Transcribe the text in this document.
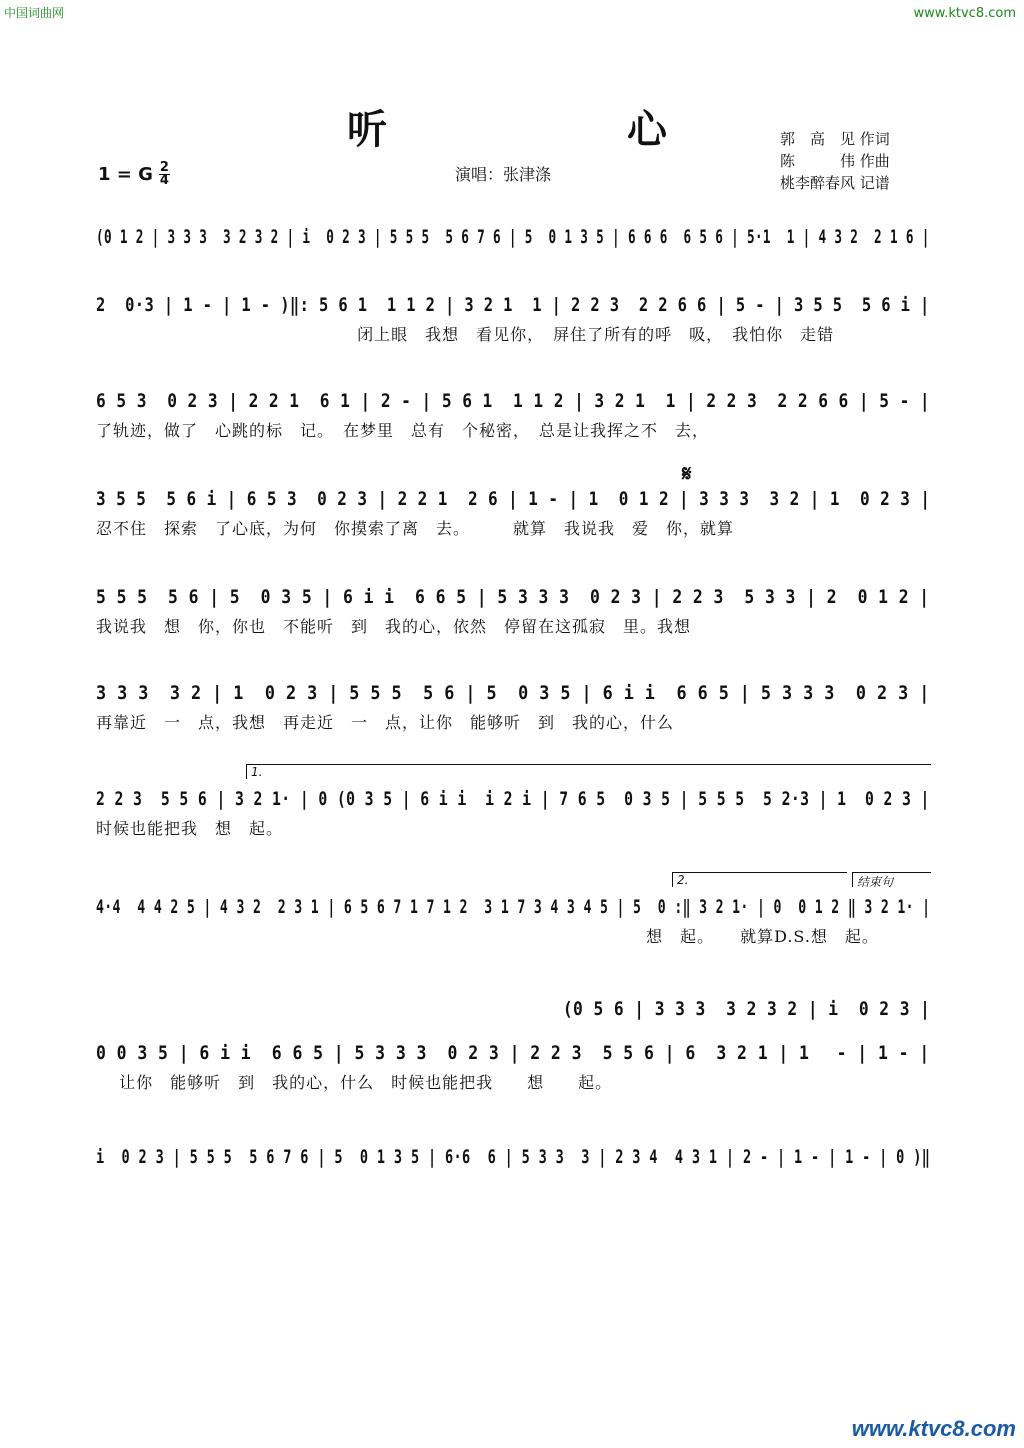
中国词曲网	www.ktvc8.com
听　心 郭　高　见 作词
陈　　　伟 作曲
桃李醉春风 记谱
演唱：张津涤
1 = G $\frac{2}{4}$
(0 1 2 | 3 3 3  3 2 3 2 | i  0 2 3 | 5 5 5  5 6 7 6 | 5  0 1 3 5 | 6 6 6  6 5 6 | 5·1  1 | 4 3 2  2 1 6 |
2  0·3 | 1 - | 1 - )‖: 5 6 1  1 1 2 | 3 2 1  1 | 2 2 3  2 2 6 6 | 5 - | 3 5 5  5 6 i |
　　　　　　　　　　　　　　　 闭上眼　我想　看见你，　屏住了所有的呼　吸，　我怕你　走错
6 5 3  0 2 3 | 2 2 1  6 1 | 2 - | 5 6 1  1 1 2 | 3 2 1  1 | 2 2 3  2 2 6 6 | 5 - |
了轨迹，做了　心跳的标　记。　在梦里　总有　个秘密，　总是让我挥之不　去，
𝄋
3 5 5  5 6 i | 6 5 3  0 2 3 | 2 2 1  2 6 | 1 - | 1  0 1 2 | 3 3 3  3 2 | 1  0 2 3 |
忍不住　探索　了心底，为何　你摸索了离　去。　　　就算　我说我　爱　你，就算
5 5 5  5 6 | 5  0 3 5 | 6 i i  6 6 5 | 5 3 3 3  0 2 3 | 2 2 3  5 3 3 | 2  0 1 2 |
我说我　想　你，你也　不能听　到　我的心，依然　停留在这孤寂　里。我想
3 3 3  3 2 | 1  0 2 3 | 5 5 5  5 6 | 5  0 3 5 | 6 i i  6 6 5 | 5 3 3 3  0 2 3 |
再靠近　一　点，我想　再走近　一　点，让你　能够听　到　我的心，什么
1.
2 2 3  5 5 6 | 3 2 1· | 0 (0 3 5 | 6 i i  i 2 i | 7 6 5  0 3 5 | 5 5 5  5 2·3 | 1  0 2 3 |
时候也能把我　想　起。
2.	结束句
4·4  4 4 2 5 | 4 3 2  2 3 1 | 6 5 6 7 1 7 1 2  3 1 7 3 4 3 4 5 | 5  0 :‖ 3 2 1· | 0  0 1 2 ‖ 3 2 1· |
　　　　　　　　　　　　　　　　　　　　　　　　　　　　　　　　 想　起。　　就算D.S.想　起。
　　　　　　　　　　　　　　　　　　　　　　　　　　　　(0 5 6 | 3 3 3  3 2 3 2 | i  0 2 3 |
0 0 3 5 | 6 i i  6 6 5 | 5 3 3 3  0 2 3 | 2 2 3  5 5 6 | 6  3 2 1 | 1　 - | 1 - |
　 让你　能够听　到　我的心，什么　时候也能把我　　想　　起。
i  0 2 3 | 5 5 5  5 6 7 6 | 5  0 1 3 5 | 6·6  6 | 5 3 3  3 | 2 3 4  4 3 1 | 2 - | 1 - | 1 - | 0 )‖
www.ktvc8.com
